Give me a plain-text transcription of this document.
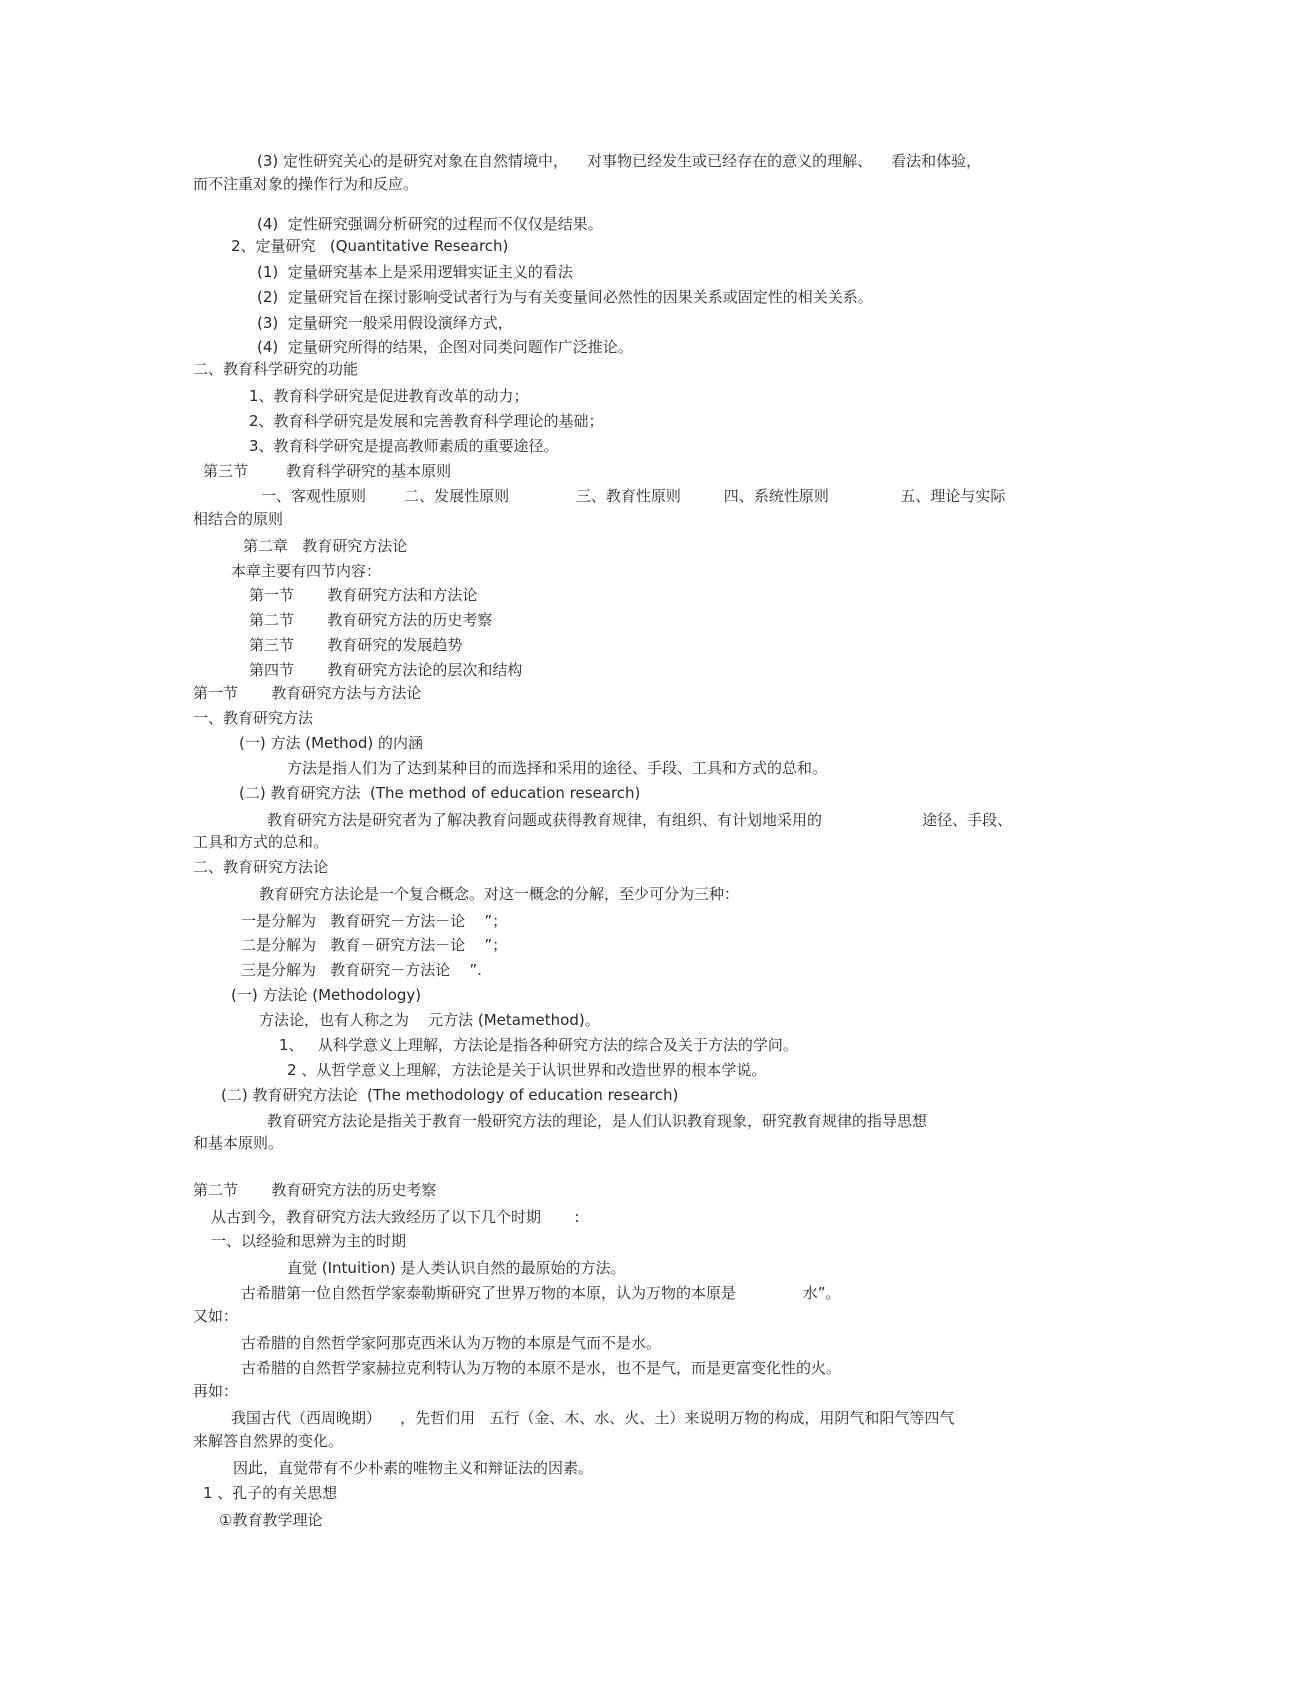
(3) 定性研究关心的是研究对象在自然情境中，    对事物已经发生或已经存在的意义的理解、    看法和体验，
而不注重对象的操作行为和反应。
(4)  定性研究强调分析研究的过程而不仅仅是结果。
2、定量研究   (Quantitative Research)
(1)  定量研究基本上是采用逻辑实证主义的看法
(2)  定量研究旨在探讨影响受试者行为与有关变量间必然性的因果关系或固定性的相关关系。
(3)  定量研究一般采用假设演绎方式，
(4)  定量研究所得的结果，企图对同类问题作广泛推论。
二、教育科学研究的功能
1、教育科学研究是促进教育改革的动力；
2、教育科学研究是发展和完善教育科学理论的基础；
3、教育科学研究是提高教师素质的重要途径。
第三节        教育科学研究的基本原则
一、客观性原则        二、发展性原则              三、教育性原则         四、系统性原则               五、理论与实际
相结合的原则
第二章   教育研究方法论
本章主要有四节内容：
第一节       教育研究方法和方法论
第二节       教育研究方法的历史考察
第三节       教育研究的发展趋势
第四节       教育研究方法论的层次和结构
第一节       教育研究方法与方法论
一、教育研究方法
(一) 方法 (Method) 的内涵
方法是指人们为了达到某种目的而选择和采用的途径、手段、工具和方式的总和。
(二) 教育研究方法  (The method of education research)
教育研究方法是研究者为了解决教育问题或获得教育规律，有组织、有计划地采用的                     途径、手段、
工具和方式的总和。
二、教育研究方法论
教育研究方法论是一个复合概念。对这一概念的分解，至少可分为三种：
一是分解为   教育研究－方法－论    ”；
二是分解为   教育－研究方法－论    ”；
三是分解为   教育研究－方法论    ”.
(一) 方法论 (Methodology)
方法论，也有人称之为    元方法 (Metamethod)。
1、   从科学意义上理解，方法论是指各种研究方法的综合及关于方法的学问。
2 、从哲学意义上理解，方法论是关于认识世界和改造世界的根本学说。
(二) 教育研究方法论  (The methodology of education research)
教育研究方法论是指关于教育一般研究方法的理论，是人们认识教育现象，研究教育规律的指导思想
和基本原则。
第二节       教育研究方法的历史考察
从古到今，教育研究方法大致经历了以下几个时期       :
一、以经验和思辨为主的时期
直觉 (Intuition) 是人类认识自然的最原始的方法。
古希腊第一位自然哲学家泰勒斯研究了世界万物的本原，认为万物的本原是              水”。
又如：
古希腊的自然哲学家阿那克西米认为万物的本原是气而不是水。
古希腊的自然哲学家赫拉克利特认为万物的本原不是水，也不是气，而是更富变化性的火。
再如：
我国古代（西周晚期）    ，先哲们用   五行（金、木、水、火、土）来说明万物的构成，用阴气和阳气等四气
来解答自然界的变化。
因此，直觉带有不少朴素的唯物主义和辩证法的因素。
1 、孔子的有关思想
①教育教学理论
